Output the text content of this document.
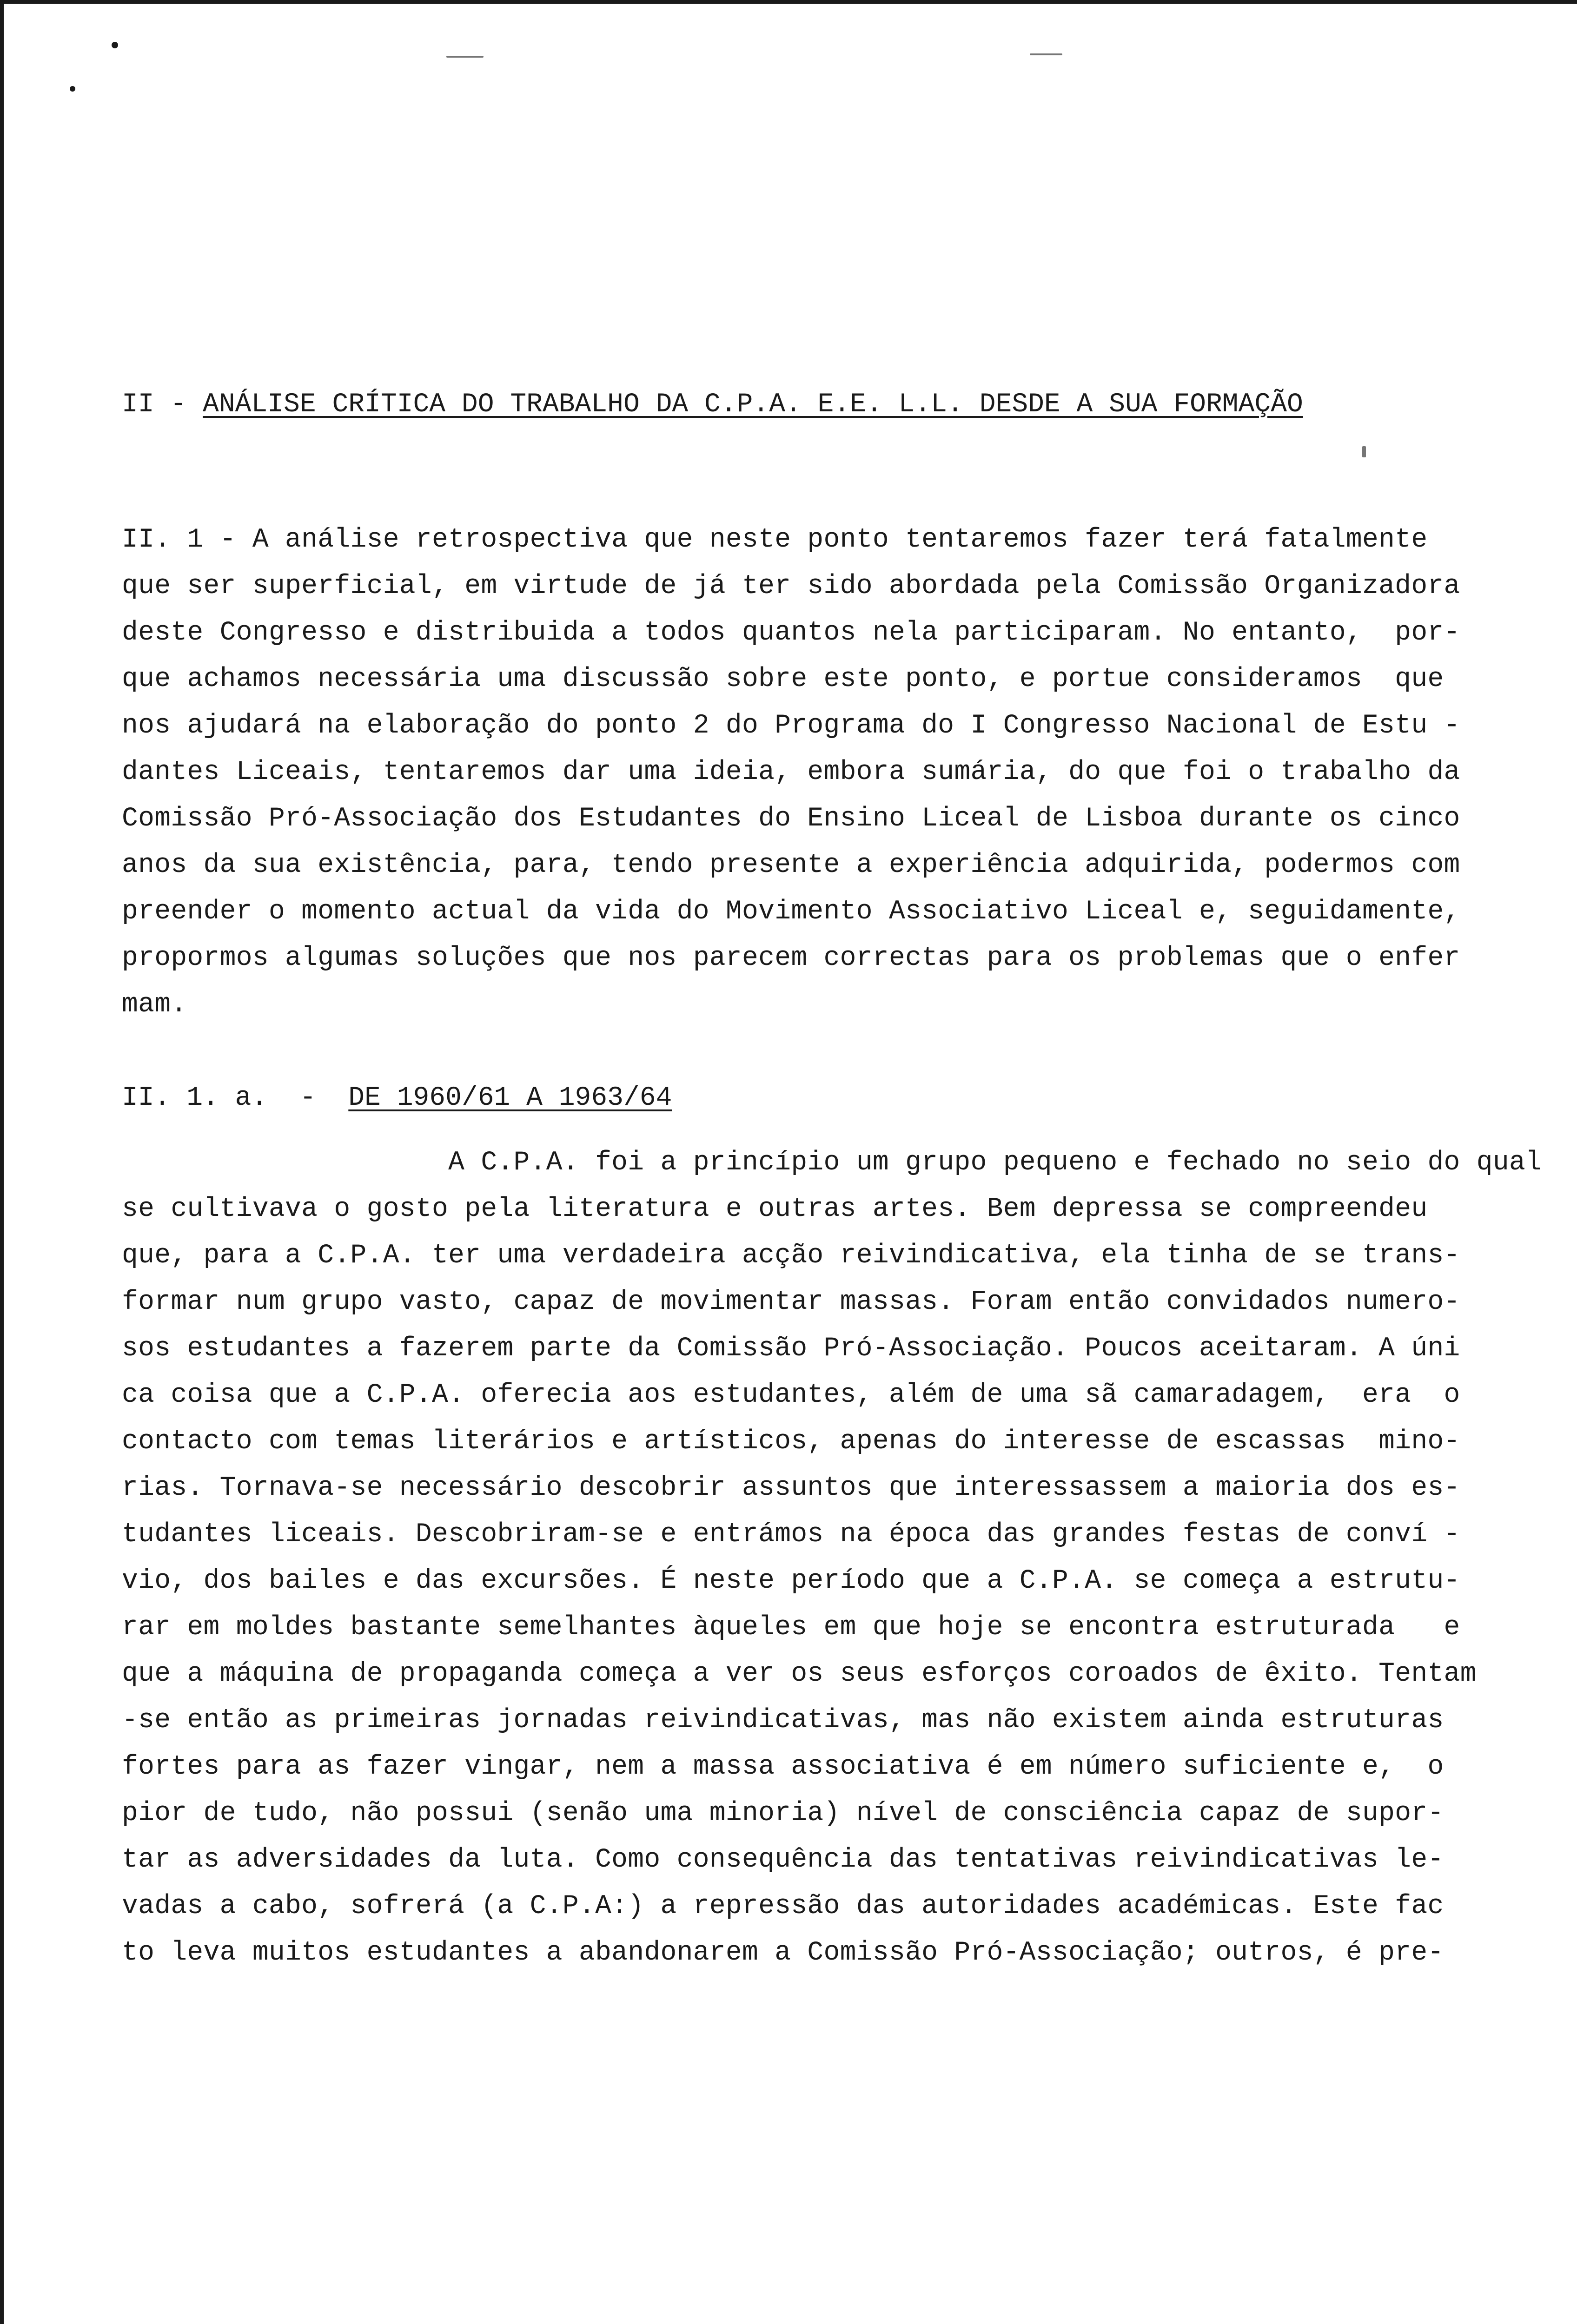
II - ANÁLISE CRÍTICA DO TRABALHO DA C.P.A. E.E. L.L. DESDE A SUA FORMAÇÃO
II. 1 - A análise retrospectiva que neste ponto tentaremos fazer terá fatalmente
que ser superficial, em virtude de já ter sido abordada pela Comissão Organizadora
deste Congresso e distribuida a todos quantos nela participaram. No entanto,  por-
que achamos necessária uma discussão sobre este ponto, e portue consideramos  que
nos ajudará na elaboração do ponto 2 do Programa do I Congresso Nacional de Estu -
dantes Liceais, tentaremos dar uma ideia, embora sumária, do que foi o trabalho da
Comissão Pró-Associação dos Estudantes do Ensino Liceal de Lisboa durante os cinco
anos da sua existência, para, tendo presente a experiência adquirida, podermos com
preender o momento actual da vida do Movimento Associativo Liceal e, seguidamente,
propormos algumas soluções que nos parecem correctas para os problemas que o enfer
mam.
II. 1. a.  -  DE 1960/61 A 1963/64
A C.P.A. foi a princípio um grupo pequeno e fechado no seio do qual
se cultivava o gosto pela literatura e outras artes. Bem depressa se compreendeu
que, para a C.P.A. ter uma verdadeira acção reivindicativa, ela tinha de se trans-
formar num grupo vasto, capaz de movimentar massas. Foram então convidados numero-
sos estudantes a fazerem parte da Comissão Pró-Associação. Poucos aceitaram. A úni
ca coisa que a C.P.A. oferecia aos estudantes, além de uma sã camaradagem,  era  o
contacto com temas literários e artísticos, apenas do interesse de escassas  mino-
rias. Tornava-se necessário descobrir assuntos que interessassem a maioria dos es-
tudantes liceais. Descobriram-se e entrámos na época das grandes festas de conví -
vio, dos bailes e das excursões. É neste período que a C.P.A. se começa a estrutu-
rar em moldes bastante semelhantes àqueles em que hoje se encontra estruturada   e
que a máquina de propaganda começa a ver os seus esforços coroados de êxito. Tentam
-se então as primeiras jornadas reivindicativas, mas não existem ainda estruturas
fortes para as fazer vingar, nem a massa associativa é em número suficiente e,  o
pior de tudo, não possui (senão uma minoria) nível de consciência capaz de supor-
tar as adversidades da luta. Como consequência das tentativas reivindicativas le-
vadas a cabo, sofrerá (a C.P.A:) a repressão das autoridades académicas. Este fac
to leva muitos estudantes a abandonarem a Comissão Pró-Associação; outros, é pre-
